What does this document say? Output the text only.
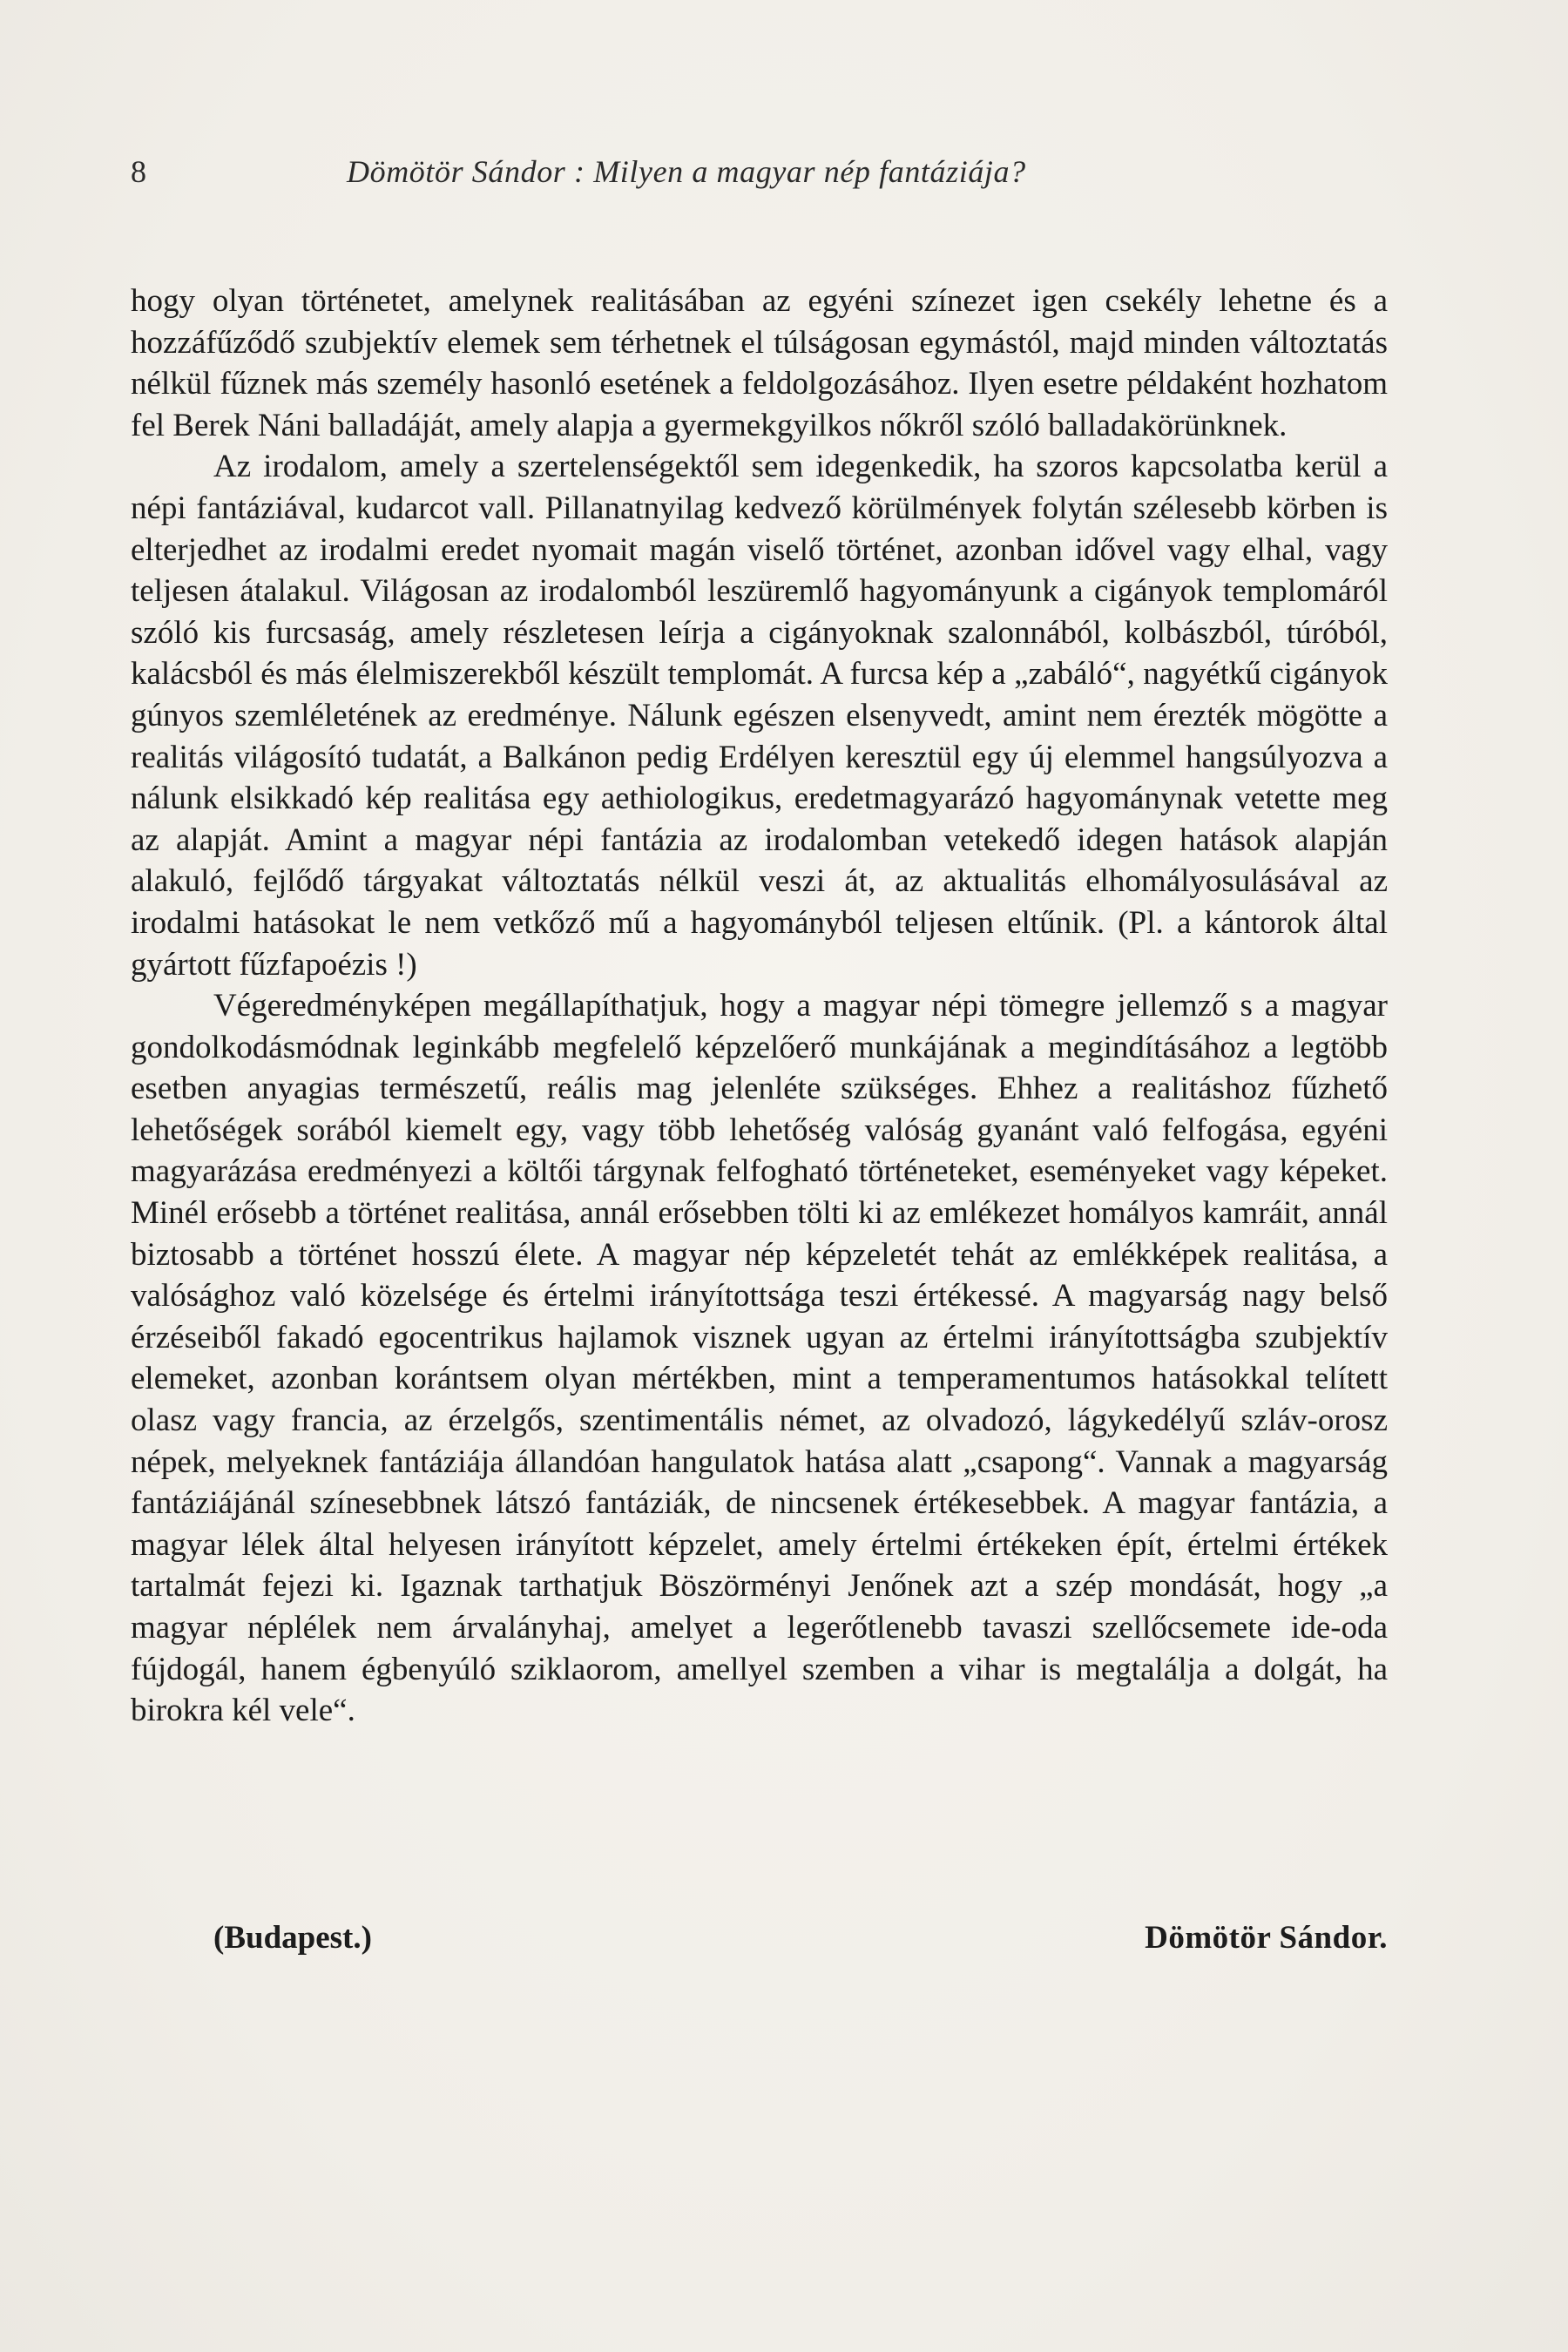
8	Dömötör Sándor : Milyen a magyar nép fantáziája?

hogy olyan történetet, amelynek realitásában az egyéni színezet igen csekély lehetne és a hozzáfűződő szubjektív elemek sem térhetnek el túlságosan egymástól, majd minden változtatás nélkül fűznek más személy hasonló esetének a feldolgozásához. Ilyen esetre példaként hozhatom fel Berek Náni balladáját, amely alapja a gyermekgyilkos nőkről szóló balladakörünknek.

Az irodalom, amely a szertelenségektől sem idegenkedik, ha szoros kapcsolatba kerül a népi fantáziával, kudarcot vall. Pillanatnyilag kedvező körülmények folytán szélesebb körben is elterjedhet az irodalmi eredet nyomait magán viselő történet, azonban idővel vagy elhal, vagy teljesen átalakul. Világosan az irodalomból leszüremlő hagyományunk a cigányok templomáról szóló kis furcsaság, amely részletesen leírja a cigányoknak szalonnából, kolbászból, túróból, kalácsból és más élelmiszerekből készült templomát. A furcsa kép a „zabáló“, nagyétkű cigányok gúnyos szemléletének az eredménye. Nálunk egészen elsenyvedt, amint nem érezték mögötte a realitás világosító tudatát, a Balkánon pedig Erdélyen keresztül egy új elemmel hangsúlyozva a nálunk elsikkadó kép realitása egy aethiologikus, eredetmagyarázó hagyománynak vetette meg az alapját. Amint a magyar népi fantázia az irodalomban vetekedő idegen hatások alapján alakuló, fejlődő tárgyakat változtatás nélkül veszi át, az aktualitás elhomályosulásával az irodalmi hatásokat le nem vetkőző mű a hagyományból teljesen eltűnik. (Pl. a kántorok által gyártott fűzfapoézis !)

Végeredményképen megállapíthatjuk, hogy a magyar népi tömegre jellemző s a magyar gondolkodásmódnak leginkább megfelelő képzelőerő munkájának a megindításához a legtöbb esetben anyagias természetű, reális mag jelenléte szükséges. Ehhez a realitáshoz fűzhető lehetőségek sorából kiemelt egy, vagy több lehetőség valóság gyanánt való felfogása, egyéni magyarázása eredményezi a költői tárgynak felfogható történeteket, eseményeket vagy képeket. Minél erősebb a történet realitása, annál erősebben tölti ki az emlékezet homályos kamráit, annál biztosabb a történet hosszú élete. A magyar nép képzeletét tehát az emlékképek realitása, a valósághoz való közelsége és értelmi irányítottsága teszi értékessé. A magyarság nagy belső érzéseiből fakadó egocentrikus hajlamok visznek ugyan az értelmi irányítottságba szubjektív elemeket, azonban korántsem olyan mértékben, mint a temperamentumos hatásokkal telített olasz vagy francia, az érzelgős, szentimentális német, az olvadozó, lágykedélyű szláv-orosz népek, melyeknek fantáziája állandóan hangulatok hatása alatt „csapong“. Vannak a magyarság fantáziájánál színesebbnek látszó fantáziák, de nincsenek értékesebbek. A magyar fantázia, a magyar lélek által helyesen irányított képzelet, amely értelmi értékeken épít, értelmi értékek tartalmát fejezi ki. Igaznak tarthatjuk Böszörményi Jenőnek azt a szép mondását, hogy „a magyar néplélek nem árvalányhaj, amelyet a legerőtlenebb tavaszi szellőcsemete ide-oda fújdogál, hanem égbenyúló sziklaorom, amellyel szemben a vihar is megtalálja a dolgát, ha birokra kél vele“.

(Budapest.)	Dömötör Sándor.
